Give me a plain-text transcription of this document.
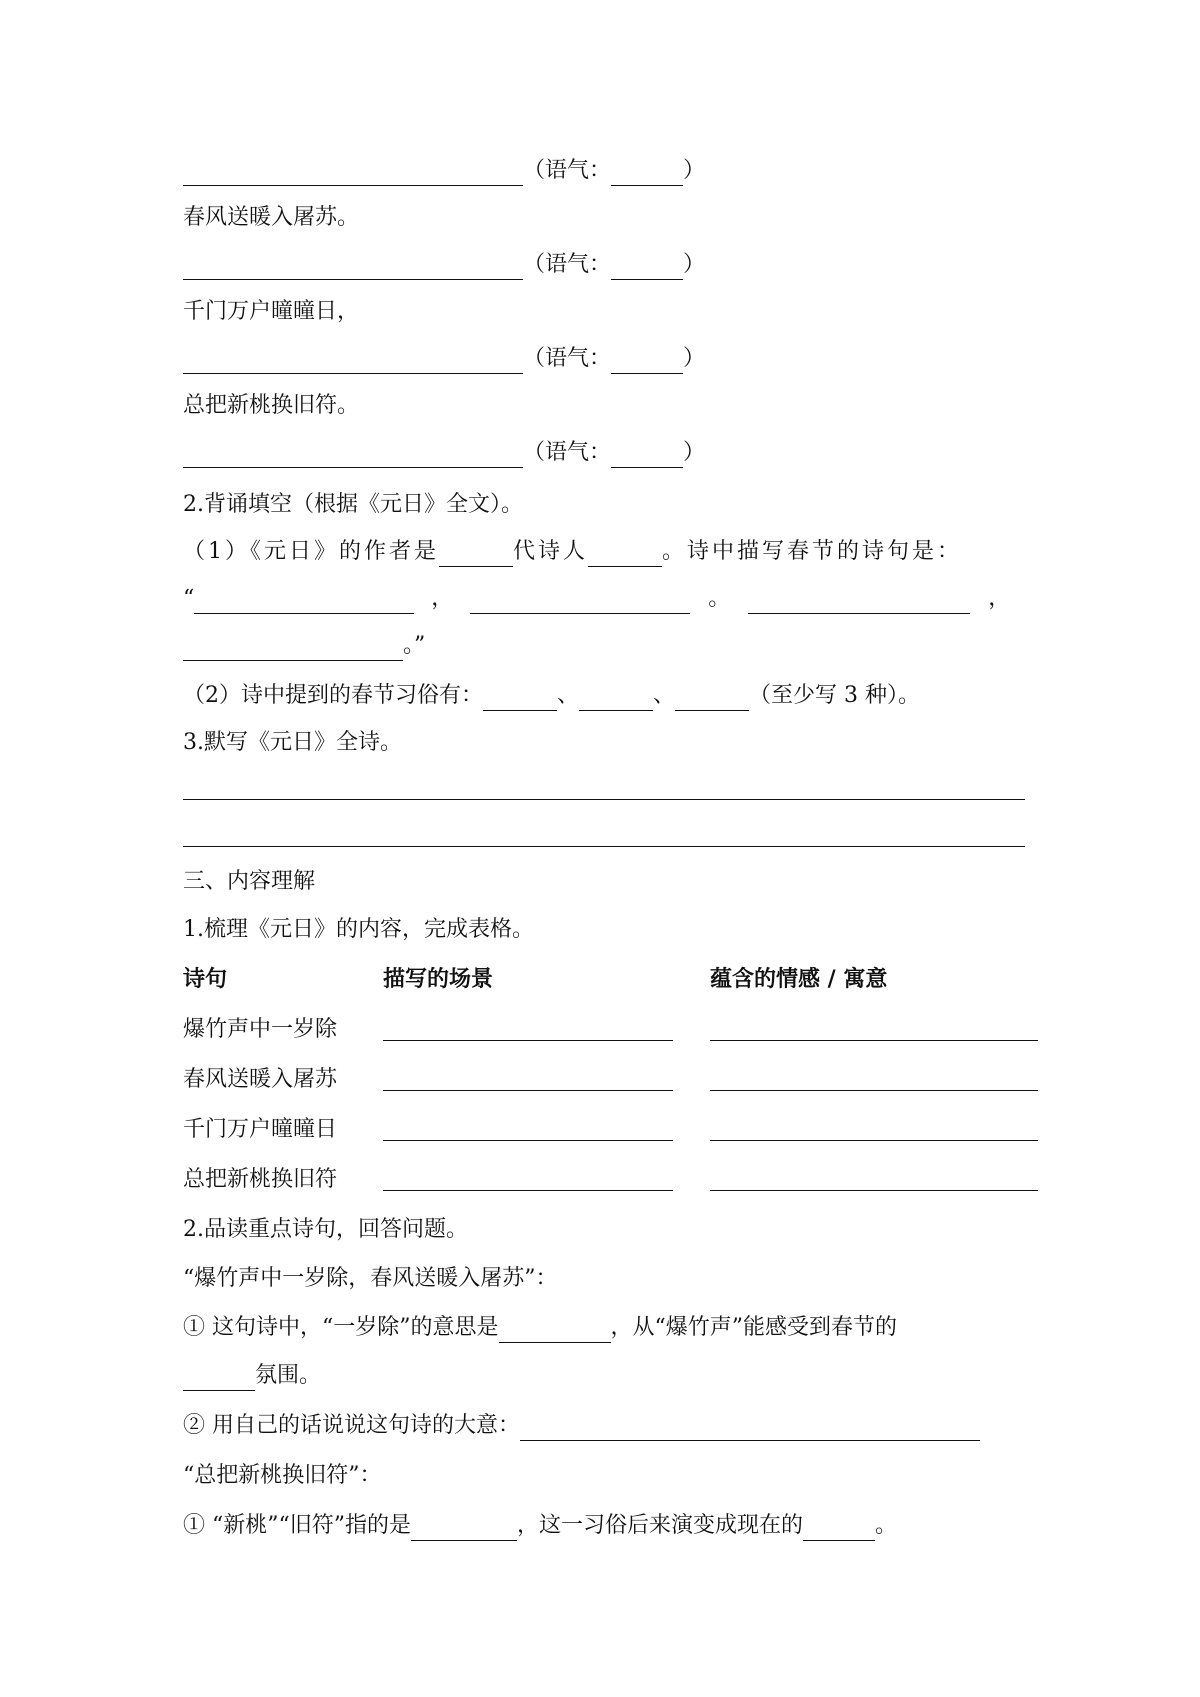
（语气：	）
春风送暖入屠苏。
（语气：	）
千门万户曈曈日，
（语气：	）
总把新桃换旧符。
（语气：	）
2.背诵填空（根据《元日》全文）。
（1）《元日》的作者是	代诗人	。诗中描写春节的诗句是：
“	，	。	，
。”
（2）诗中提到的春节习俗有：	、	、	（至少写 3 种）。
3.默写《元日》全诗。
三、内容理解
1.梳理《元日》的内容，完成表格。
诗句	描写的场景	蕴含的情感 / 寓意
爆竹声中一岁除
春风送暖入屠苏
千门万户曈曈日
总把新桃换旧符
2.品读重点诗句，回答问题。
“爆竹声中一岁除，春风送暖入屠苏”：
① 这句诗中，“一岁除”的意思是	，从“爆竹声”能感受到春节的
氛围。
② 用自己的话说说这句诗的大意：
“总把新桃换旧符”：
① “新桃”“旧符”指的是	，这一习俗后来演变成现在的	。
